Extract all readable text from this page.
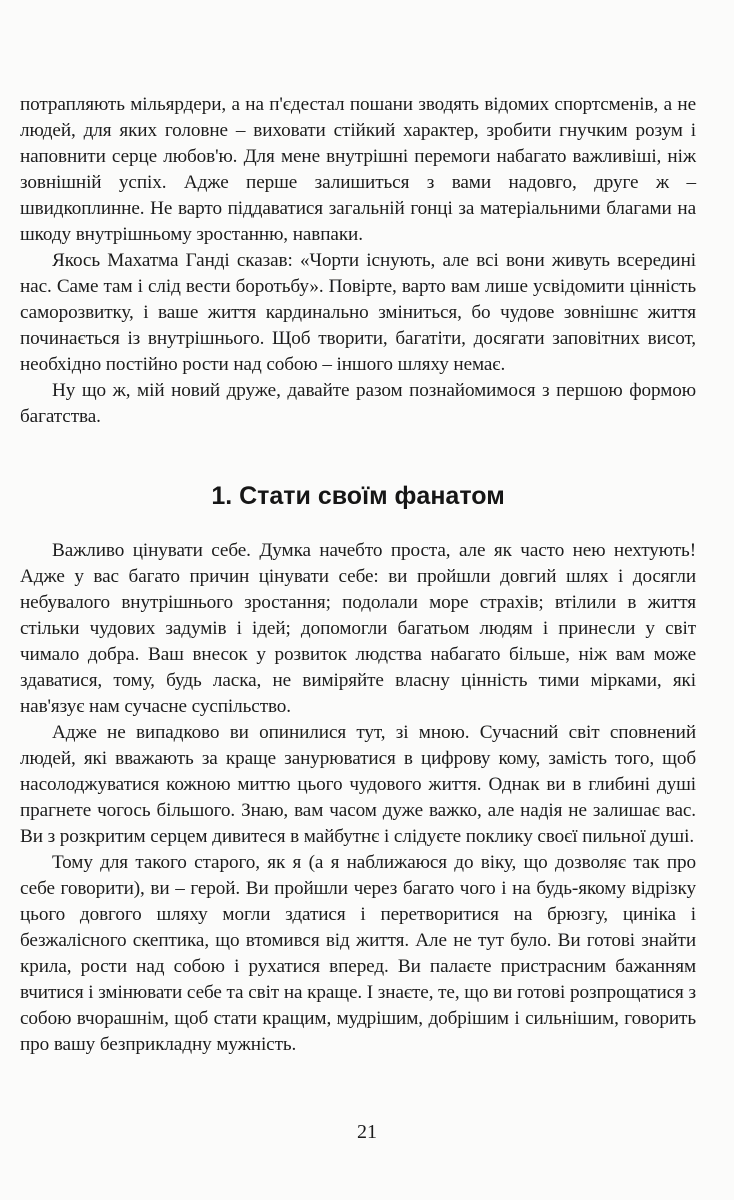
потрапляють мільярдери, а на п'єдестал пошани зводять відомих спортсменів, а не людей, для яких головне – виховати стійкий характер, зробити гнучким розум і наповнити серце любов'ю. Для мене внутрішні перемоги набагато важливіші, ніж зовнішній успіх. Адже перше залишиться з вами надовго, друге ж – швидкоплинне. Не варто піддаватися загальній гонці за матеріальними благами на шкоду внутрішньому зростанню, навпаки.

Якось Махатма Ганді сказав: «Чорти існують, але всі вони живуть всередині нас. Саме там і слід вести боротьбу». Повірте, варто вам лише усвідомити цінність саморозвитку, і ваше життя кардинально зміниться, бо чудове зовнішнє життя починається із внутрішнього. Щоб творити, багатіти, досягати заповітних висот, необхідно постійно рости над собою – іншого шляху немає.

Ну що ж, мій новий друже, давайте разом познайомимося з першою формою багатства.

1. Стати своїм фанатом

Важливо цінувати себе. Думка начебто проста, але як часто нею нехтують! Адже у вас багато причин цінувати себе: ви пройшли довгий шлях і досягли небувалого внутрішнього зростання; подолали море страхів; втілили в життя стільки чудових задумів і ідей; допомогли багатьом людям і принесли у світ чимало добра. Ваш внесок у розвиток людства набагато більше, ніж вам може здаватися, тому, будь ласка, не виміряйте власну цінність тими мірками, які нав'язує нам сучасне суспільство.

Адже не випадково ви опинилися тут, зі мною. Сучасний світ сповнений людей, які вважають за краще занурюватися в цифрову кому, замість того, щоб насолоджуватися кожною миттю цього чудового життя. Однак ви в глибині душі прагнете чогось більшого. Знаю, вам часом дуже важко, але надія не залишає вас. Ви з розкритим серцем дивитеся в майбутнє і слідуєте поклику своєї пильної душі.

Тому для такого старого, як я (а я наближаюся до віку, що дозволяє так про себе говорити), ви – герой. Ви пройшли через багато чого і на будь-якому відрізку цього довгого шляху могли здатися і перетворитися на брюзгу, циніка і безжалісного скептика, що втомився від життя. Але не тут було. Ви готові знайти крила, рости над собою і рухатися вперед. Ви палаєте пристрасним бажанням вчитися і змінювати себе та світ на краще. І знаєте, те, що ви готові розпрощатися з собою вчорашнім, щоб стати кращим, мудрішим, добрішим і сильнішим, говорить про вашу безприкладну мужність.

21
